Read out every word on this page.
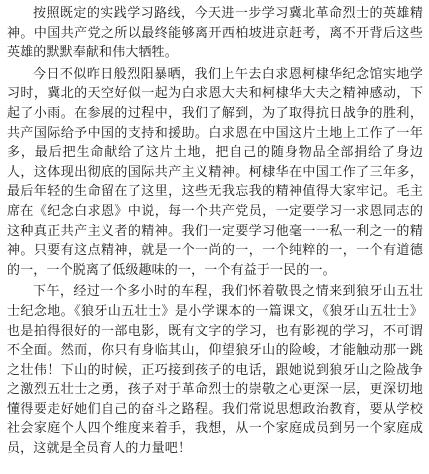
按照既定的实践学习路线，今天进一步学习冀北革命烈士的英雄精神。中国共产党之所以最终能够离开西柏坡进京赶考，离不开背后这些英雄的默默奉献和伟大牺牲。

今日不似昨日般烈阳暴晒，我们上午去白求恩柯棣华纪念馆实地学习时，冀北的天空好似一起为白求恩大夫和柯棣华大夫之精神感动，下起了小雨。在参展的过程中，我们了解到，为了取得抗日战争的胜利，共产国际给予中国的支持和援助。白求恩在中国这片土地上工作了一年多，最后把生命献给了这片土地，把自己的随身物品全部捐给了身边人，这体现出彻底的国际共产主义精神。柯棣华在中国工作了三年多，最后年轻的生命留在了这里，这些无我忘我的精神值得大家牢记。毛主席在《纪念白求恩》中说，每一个共产党员，一定要学习一求恩同志的这种真正共产主义者的精神。我们一定要学习他毫一一私一利之一的精神。只要有这点精神，就是一个一尚的一，一个纯粹的一，一个有道德的一，一个脱离了低级趣味的一，一个有益于一民的一。

下午，经过一个多小时的车程，我们怀着敬畏之情来到狼牙山五壮士纪念地。《狼牙山五壮士》是小学课本的一篇课文，《狼牙山五壮士》也是拍得很好的一部电影，既有文字的学习，也有影视的学习，不可谓不全面。然而，你只有身临其山，仰望狼牙山的险峻，才能触动那一跳之壮伟！下山的时候，正巧接到孩子的电话，跟她说到狼牙山之险战争之激烈五壮士之勇，孩子对于革命烈士的崇敬之心更深一层，更深切地懂得要走好她们自己的奋斗之路程。我们常说思想政治教育，要从学校社会家庭个人四个维度来着手，我想，从一个家庭成员到另一个家庭成员，这就是全员育人的力量吧！
